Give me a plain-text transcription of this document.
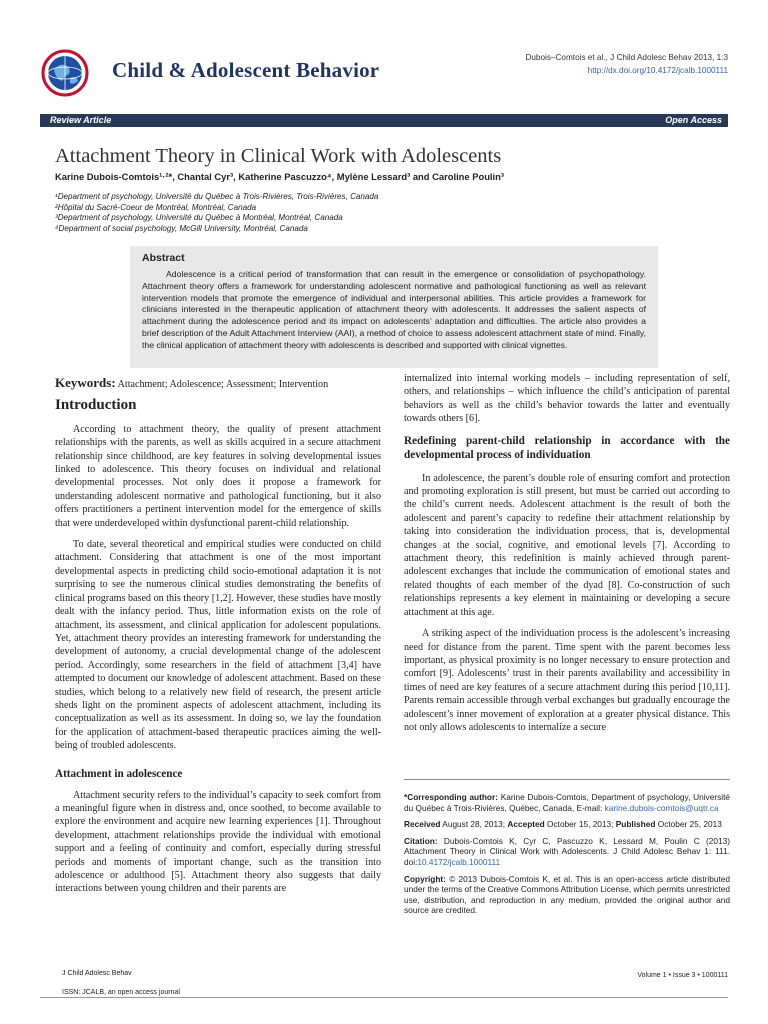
Child & Adolescent Behavior
Dubois–Comtois et al., J Child Adolesc Behav 2013, 1:3
http://dx.doi.org/10.4172/jcalb.1000111
Review Article	Open Access
Attachment Theory in Clinical Work with Adolescents
Karine Dubois-Comtois¹·²*, Chantal Cyr³, Katherine Pascuzzo⁴, Mylène Lessard³ and Caroline Poulin³
¹Department of psychology, Université du Québec à Trois-Rivières, Trois-Rivières, Canada
²Hôpital du Sacré-Coeur de Montréal, Montréal, Canada
³Department of psychology, Université du Québec à Montréal, Montréal, Canada
⁴Department of social psychology, McGill University, Montréal, Canada
Abstract
Adolescence is a critical period of transformation that can result in the emergence or consolidation of psychopathology. Attachment theory offers a framework for understanding adolescent normative and pathological functioning as well as relevant intervention models that promote the emergence of individual and interpersonal abilities. This article provides a framework for clinicians interested in the therapeutic application of attachment theory with adolescents. It addresses the salient aspects of attachment during the adolescence period and its impact on adolescents’ adaptation and difficulties. The article also provides a brief description of the Adult Attachment Interview (AAI), a method of choice to assess adolescent attachment state of mind. Finally, the clinical application of attachment theory with adolescents is described and supported with clinical vignettes.

Keywords: Attachment; Adolescence; Assessment; Intervention

Introduction

According to attachment theory, the quality of present attachment relationships with the parents, as well as skills acquired in a secure attachment relationship since childhood, are key features in solving developmental issues linked to adolescence. This theory focuses on individual and relational developmental processes. Not only does it propose a framework for understanding adolescent normative and pathological functioning, but it also offers practitioners a pertinent intervention model for the emergence of skills that were underdeveloped within dysfunctional parent-child relationship.

To date, several theoretical and empirical studies were conducted on child attachment. Considering that attachment is one of the most important developmental aspects in predicting child socio-emotional adaptation it is not surprising to see the numerous clinical studies demonstrating the benefits of clinical programs based on this theory [1,2]. However, these studies have mostly dealt with the infancy period. Thus, little information exists on the role of attachment, its assessment, and clinical application for adolescent populations. Yet, attachment theory provides an interesting framework for understanding the development of autonomy, a crucial developmental change of the adolescent period. Accordingly, some researchers in the field of attachment [3,4] have attempted to document our knowledge of adolescent attachment. Based on these studies, which belong to a relatively new field of research, the present article sheds light on the prominent aspects of adolescent attachment, including its conceptualization as well as its assessment. In doing so, we lay the foundation for the application of attachment-based therapeutic practices aiming the well-being of troubled adolescents.

Attachment in adolescence

Attachment security refers to the individual’s capacity to seek comfort from a meaningful figure when in distress and, once soothed, to become available to explore the environment and acquire new learning experiences [1]. Throughout development, attachment relationships provide the individual with emotional support and a feeling of continuity and comfort, especially during stressful periods and moments of important change, such as the transition into adolescence or adulthood [5]. Attachment theory also suggests that daily interactions between young children and their parents are

internalized into internal working models – including representation of self, others, and relationships – which influence the child’s anticipation of parental behaviors as well as the child’s behavior towards the latter and eventually towards others [6].

Redefining parent-child relationship in accordance with the developmental process of individuation

In adolescence, the parent’s double role of ensuring comfort and protection and promoting exploration is still present, but must be carried out according to the child’s current needs. Adolescent attachment is the result of both the adolescent and parent’s capacity to redefine their attachment relationship by taking into consideration the individuation process, that is, developmental changes at the social, cognitive, and emotional levels [7]. According to attachment theory, this redefinition is mainly achieved through parent-adolescent exchanges that include the communication of emotional states and related thoughts of each member of the dyad [8]. Co-construction of such relationships represents a key element in maintaining or developing a secure attachment at this age.

A striking aspect of the individuation process is the adolescent’s increasing need for distance from the parent. Time spent with the parent becomes less important, as physical proximity is no longer necessary to ensure protection and comfort [9]. Adolescents’ trust in their parents availability and accessibility in times of need are key features of a secure attachment during this period [10,11]. Parents remain accessible through verbal exchanges but gradually encourage the adolescent’s inner movement of exploration at a greater physical distance. This not only allows adolescents to internalize a secure

*Corresponding author: Karine Dubois-Comtois, Department of psychology, Université du Québec à Trois-Rivières, Québec, Canada, E-mail: karine.dubois-comtois@uqtr.ca

Received August 28, 2013; Accepted October 15, 2013; Published October 25, 2013

Citation: Dubois-Comtois K, Cyr C, Pascuzzo K, Lessard M, Poulin C (2013) Attachment Theory in Clinical Work with Adolescents. J Child Adolesc Behav 1: 111. doi:10.4172/jcalb.1000111

Copyright: © 2013 Dubois-Comtois K, et al. This is an open-access article distributed under the terms of the Creative Commons Attribution License, which permits unrestricted use, distribution, and reproduction in any medium, provided the original author and source are credited.

J Child Adolesc Behav
ISSN: JCALB, an open access journal
Volume 1 • Issue 3 • 1000111
